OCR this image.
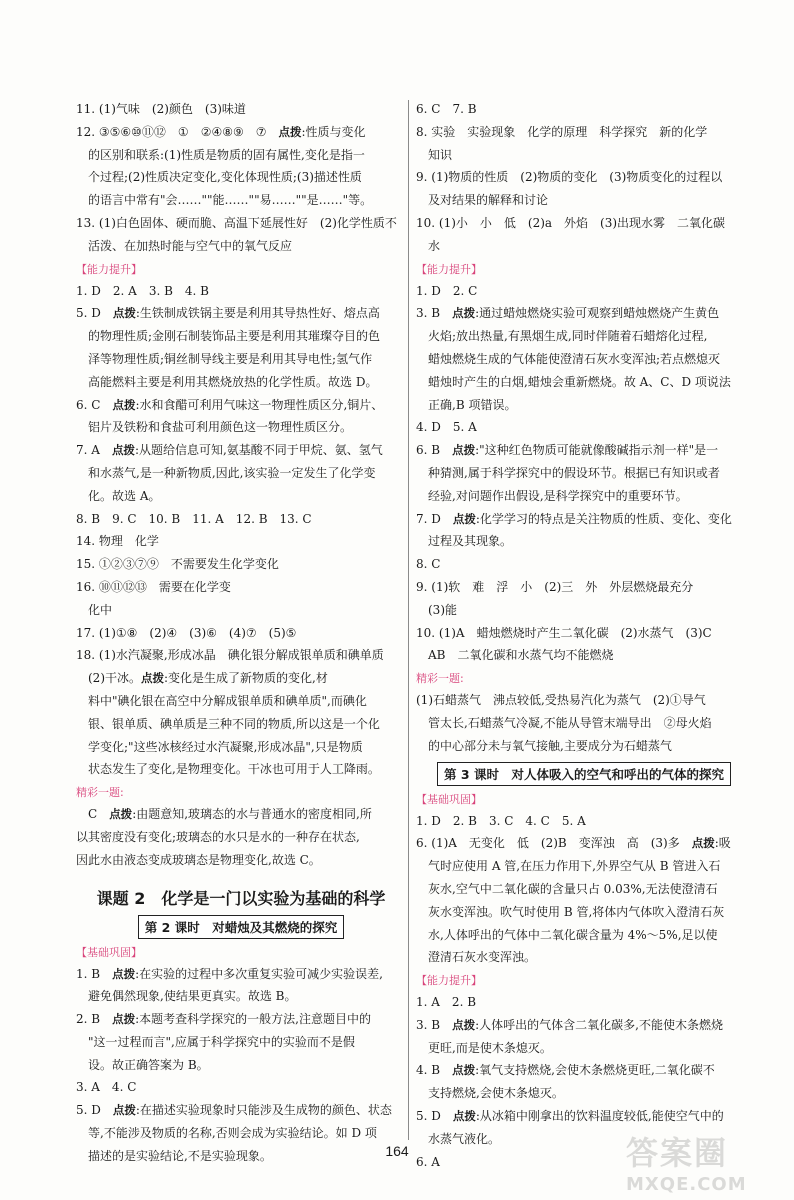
11. (1)气味　(2)颜色　(3)味道

12. ③⑤⑥⑩⑪⑫　①　②④⑧⑨　⑦　点拨:性质与变化

的区别和联系:(1)性质是物质的固有属性,变化是指一

个过程;(2)性质决定变化,变化体现性质;(3)描述性质

的语言中常有"会……""能……""易……""是……"等。

13. (1)白色固体、硬而脆、高温下延展性好　(2)化学性质不

活泼、在加热时能与空气中的氧气反应

【能力提升】

1. D　2. A　3. B　4. B

5. D　点拨:生铁制成铁锅主要是利用其导热性好、熔点高

的物理性质;金刚石制装饰品主要是利用其璀璨夺目的色

泽等物理性质;铜丝制导线主要是利用其导电性;氢气作

高能燃料主要是利用其燃烧放热的化学性质。故选 D。

6. C　点拨:水和食醋可利用气味这一物理性质区分,铜片、

铝片及铁粉和食盐可利用颜色这一物理性质区分。

7. A　点拨:从题给信息可知,氨基酸不同于甲烷、氨、氢气

和水蒸气,是一种新物质,因此,该实验一定发生了化学变

化。故选 A。

8. B　9. C　10. B　11. A　12. B　13. C

14. 物理　化学

15. ①②③⑦⑨　不需要发生化学变化

16. ⑩⑪⑫⑬　需要在化学变

化中

17. (1)①⑧　(2)④　(3)⑥　(4)⑦　(5)⑤

18. (1)水汽凝聚,形成冰晶　碘化银分解成银单质和碘单质

(2)干冰。点拨:变化是生成了新物质的变化,材

料中"碘化银在高空中分解成银单质和碘单质",而碘化

银、银单质、碘单质是三种不同的物质,所以这是一个化

学变化;"这些冰核经过水汽凝聚,形成冰晶",只是物质

状态发生了变化,是物理变化。干冰也可用于人工降雨。

精彩一题:

C　点拨:由题意知,玻璃态的水与普通水的密度相同,所

以其密度没有变化;玻璃态的水只是水的一种存在状态,

因此水由液态变成玻璃态是物理变化,故选 C。

课题 2　化学是一门以实验为基础的科学

第 2 课时　对蜡烛及其燃烧的探究

【基础巩固】

1. B　点拨:在实验的过程中多次重复实验可减少实验误差,

避免偶然现象,使结果更真实。故选 B。

2. B　点拨:本题考查科学探究的一般方法,注意题目中的

"这一过程而言",应属于科学探究中的实验而不是假

设。故正确答案为 B。

3. A　4. C

5. D　点拨:在描述实验现象时只能涉及生成物的颜色、状态

等,不能涉及物质的名称,否则会成为实验结论。如 D 项

描述的是实验结论,不是实验现象。

6. C　7. B

8. 实验　实验现象　化学的原理　科学探究　新的化学

知识

9. (1)物质的性质　(2)物质的变化　(3)物质变化的过程以

及对结果的解释和讨论

10. (1)小　小　低　(2)a　外焰　(3)出现水雾　二氧化碳

水

【能力提升】

1. D　2. C

3. B　点拨:通过蜡烛燃烧实验可观察到蜡烛燃烧产生黄色

火焰;放出热量,有黑烟生成,同时伴随着石蜡熔化过程,

蜡烛燃烧生成的气体能使澄清石灰水变浑浊;若点燃熄灭

蜡烛时产生的白烟,蜡烛会重新燃烧。故 A、C、D 项说法

正确,B 项错误。

4. D　5. A

6. B　点拨:"这种红色物质可能就像酸碱指示剂一样"是一

种猜测,属于科学探究中的假设环节。根据已有知识或者

经验,对问题作出假设,是科学探究中的重要环节。

7. D　点拨:化学学习的特点是关注物质的性质、变化、变化

过程及其现象。

8. C

9. (1)软　难　浮　小　(2)三　外　外层燃烧最充分

(3)能

10. (1)A　蜡烛燃烧时产生二氧化碳　(2)水蒸气　(3)C

AB　二氧化碳和水蒸气均不能燃烧

精彩一题:

(1)石蜡蒸气　沸点较低,受热易汽化为蒸气　(2)①导气

管太长,石蜡蒸气冷凝,不能从导管末端导出　②母火焰

的中心部分未与氧气接触,主要成分为石蜡蒸气

第 3 课时　对人体吸入的空气和呼出的气体的探究

【基础巩固】

1. D　2. B　3. C　4. C　5. A

6. (1)A　无变化　低　(2)B　变浑浊　高　(3)多　点拨:吸

气时应使用 A 管,在压力作用下,外界空气从 B 管进入石

灰水,空气中二氧化碳的含量只占 0.03%,无法使澄清石

灰水变浑浊。吹气时使用 B 管,将体内气体吹入澄清石灰

水,人体呼出的气体中二氧化碳含量为 4%～5%,足以使

澄清石灰水变浑浊。

【能力提升】

1. A　2. B

3. B　点拨:人体呼出的气体含二氧化碳多,不能使木条燃烧

更旺,而是使木条熄灭。

4. B　点拨:氧气支持燃烧,会使木条燃烧更旺,二氧化碳不

支持燃烧,会使木条熄灭。

5. D　点拨:从冰箱中刚拿出的饮料温度较低,能使空气中的

水蒸气液化。

6. A

164	答案圈
MXQE.COM
